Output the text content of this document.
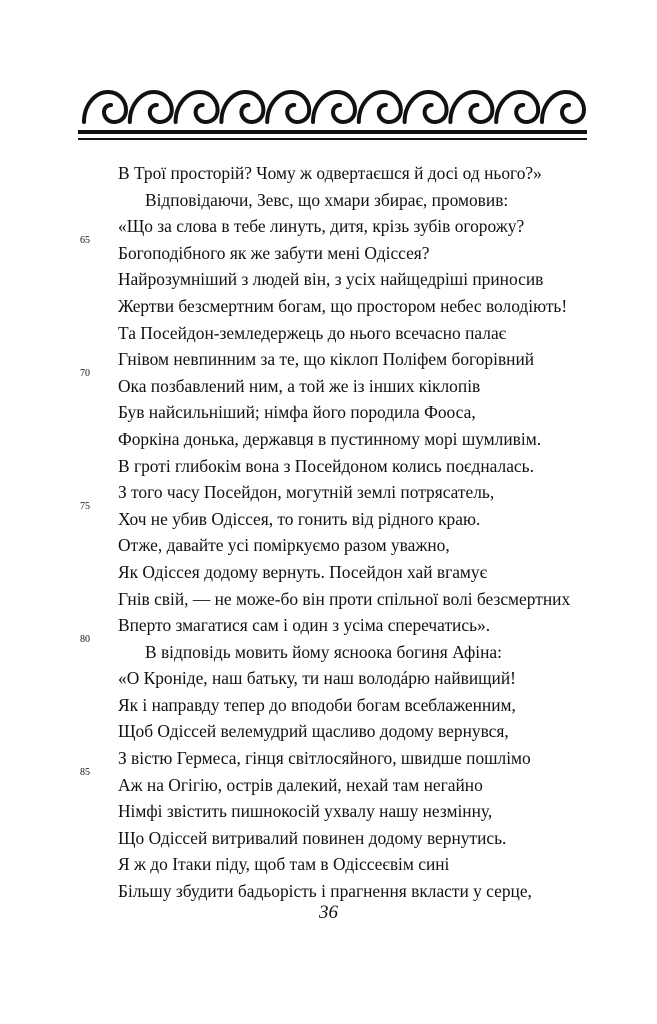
В Трої просторій? Чому ж одвертаєшся й досі од нього?»
Відповідаючи, Зевс, що хмари збирає, промовив:
«Що за слова в тебе линуть, дитя, крізь зубів огорожу?
65
Богоподібного як же забути мені Одіссея?
Найрозумніший з людей він, з усіх найщедріші приносив
Жертви безсмертним богам, що простором небес володіють!
Та Посейдон-земледержець до нього всечасно палає
Гнівом невпинним за те, що кіклоп Поліфем богорівний
70
Ока позбавлений ним, а той же із інших кіклопів
Був найсильніший; німфа його породила Фооса,
Форкіна донька, державця в пустинному морі шумливім.
В гроті глибокім вона з Посейдоном колись поєдналась.
З того часу Посейдон, могутній землі потрясатель,
75
Хоч не убив Одіссея, то гонить від рідного краю.
Отже, давайте усі поміркуємо разом уважно,
Як Одіссея додому вернуть. Посейдон хай вгамує
Гнів свій, — не може-бо він проти спільної волі безсмертних
Вперто змагатися сам і один з усіма сперечатись».
80
В відповідь мовить йому ясноока богиня Афіна:
«О Кроніде, наш батьку, ти наш володáрю найвищий!
Як і направду тепер до вподоби богам всеблаженним,
Щоб Одіссей велемудрий щасливо додому вернувся,
З вістю Гермеса, гінця світлосяйного, швидше пошлімо
85
Аж на Огігію, острів далекий, нехай там негайно
Німфі звістить пишнокосій ухвалу нашу незмінну,
Що Одіссей витривалий повинен додому вернутись.
Я ж до Ітаки піду, щоб там в Одіссеєвім сині
Більшу збудити бадьорість і прагнення вкласти у серце,
36
